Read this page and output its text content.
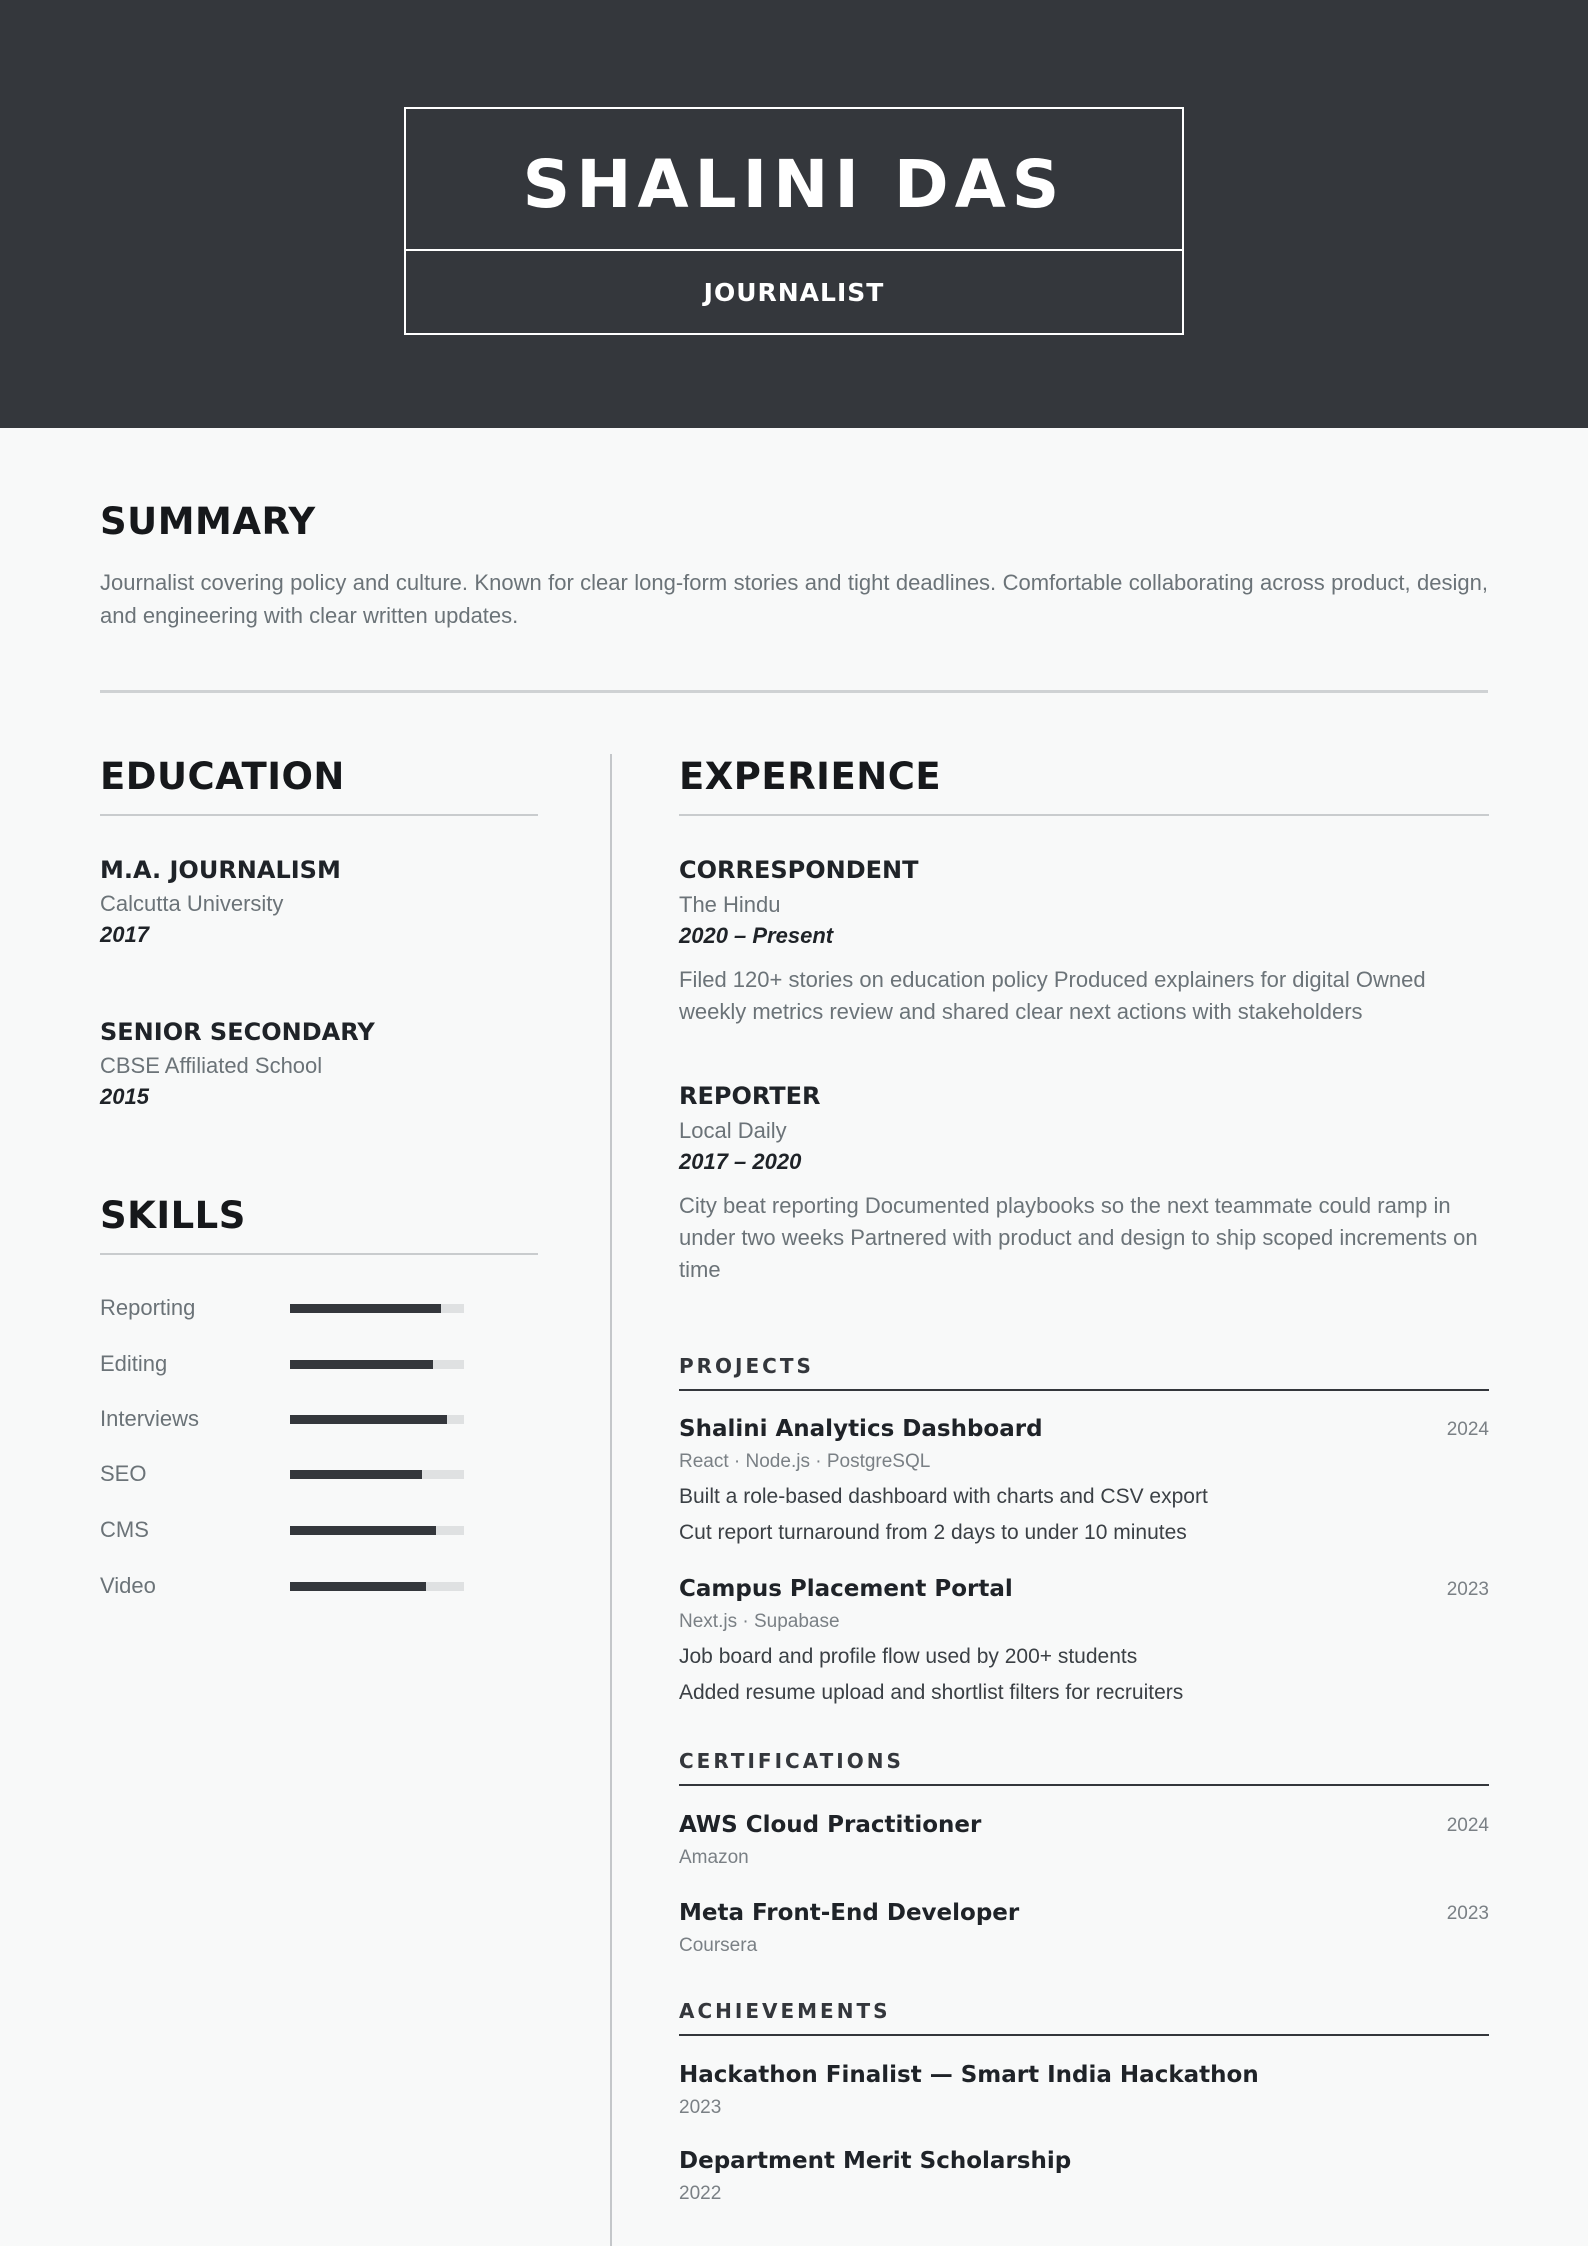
SHALINI DAS
JOURNALIST
SUMMARY

Journalist covering policy and culture. Known for clear long-form stories and tight deadlines. Comfortable collaborating across product, design, and engineering with clear written updates.

EDUCATION
M.A. JOURNALISM
Calcutta University
2017
SENIOR SECONDARY
CBSE Affiliated School
2015
SKILLS
Reporting
Editing
Interviews
SEO
CMS
Video
EXPERIENCE
CORRESPONDENT
The Hindu
2020 – Present
Filed 120+ stories on education policy Produced explainers for digital Owned weekly metrics review and shared clear next actions with stakeholders
REPORTER
Local Daily
2017 – 2020
City beat reporting Documented playbooks so the next teammate could ramp in under two weeks Partnered with product and design to ship scoped increments on time
PROJECTS
Shalini Analytics Dashboard	2024
React · Node.js · PostgreSQL
Built a role-based dashboard with charts and CSV export
Cut report turnaround from 2 days to under 10 minutes
Campus Placement Portal	2023
Next.js · Supabase
Job board and profile flow used by 200+ students
Added resume upload and shortlist filters for recruiters
CERTIFICATIONS
AWS Cloud Practitioner	2024
Amazon
Meta Front-End Developer	2023
Coursera
ACHIEVEMENTS
Hackathon Finalist — Smart India Hackathon
2023
Department Merit Scholarship
2022
